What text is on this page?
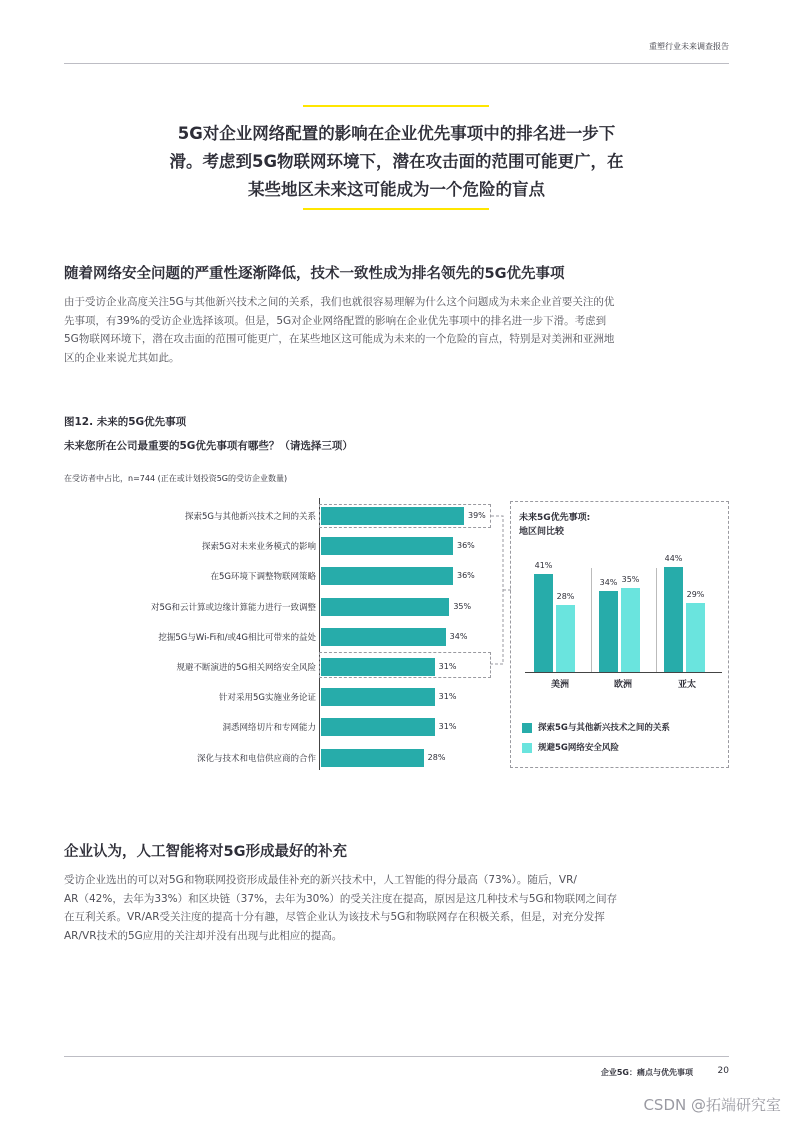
重塑行业未来调查报告
5G对企业网络配置的影响在企业优先事项中的排名进一步下
滑。考虑到5G物联网环境下，潜在攻击面的范围可能更广，在
某些地区未来这可能成为一个危险的盲点
随着网络安全问题的严重性逐渐降低，技术一致性成为排名领先的5G优先事项
由于受访企业高度关注5G与其他新兴技术之间的关系，我们也就很容易理解为什么这个问题成为未来企业首要关注的优
先事项，有39%的受访企业选择该项。但是，5G对企业网络配置的影响在企业优先事项中的排名进一步下滑。考虑到
5G物联网环境下，潜在攻击面的范围可能更广，在某些地区这可能成为未来的一个危险的盲点，特别是对美洲和亚洲地
区的企业来说尤其如此。
图12. 未来的5G优先事项
未来您所在公司最重要的5G优先事项有哪些？（请选择三项）
在受访者中占比，n=744 (正在或计划投资5G的受访企业数量)
探索5G与其他新兴技术之间的关系	39%
探索5G对未来业务模式的影响	36%
在5G环境下调整物联网策略	36%
对5G和云计算或边缘计算能力进行一致调整	35%
挖掘5G与Wi-Fi和/或4G相比可带来的益处	34%
规避不断演进的5G相关网络安全风险	31%
针对采用5G实施业务论证	31%
洞悉网络切片和专网能力	31%
深化与技术和电信供应商的合作	28%
未来5G优先事项:
地区间比较
41%
28%
美洲
34% 35%
欧洲
44%
29%
亚太
探索5G与其他新兴技术之间的关系
规避5G网络安全风险
企业认为，人工智能将对5G形成最好的补充
受访企业选出的可以对5G和物联网投资形成最佳补充的新兴技术中，人工智能的得分最高（73%）。随后，VR/
AR（42%，去年为33%）和区块链（37%，去年为30%）的受关注度在提高，原因是这几种技术与5G和物联网之间存
在互利关系。VR/AR受关注度的提高十分有趣，尽管企业认为该技术与5G和物联网存在积极关系，但是，对充分发挥
AR/VR技术的5G应用的关注却并没有出现与此相应的提高。
企业5G：痛点与优先事项	20
CSDN @拓端研究室
